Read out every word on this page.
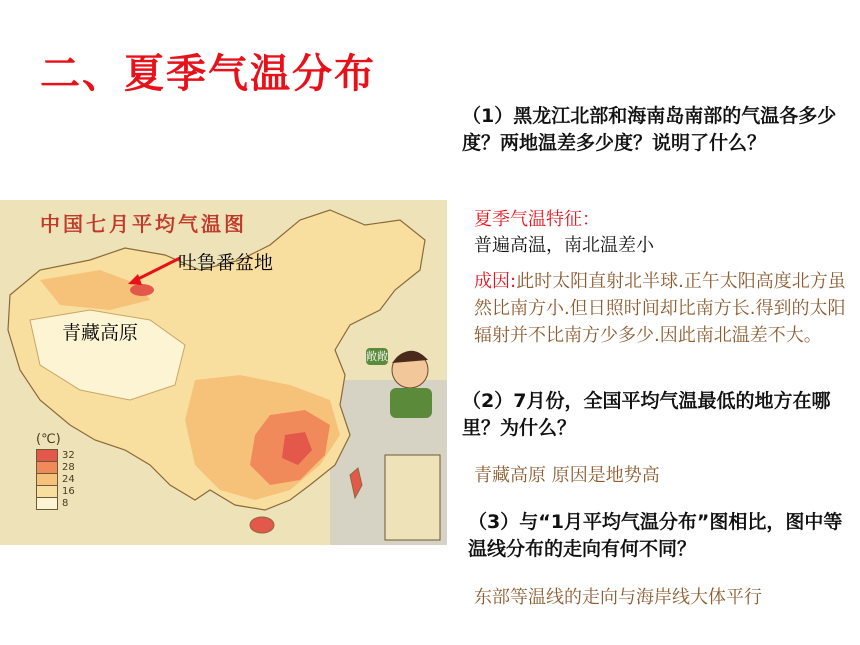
二、夏季气温分布
（1）黑龙江北部和海南岛南部的气温各多少度？两地温差多少度？说明了什么？
夏季气温特征：
普遍高温，南北温差小
成因:此时太阳直射北半球.正午太阳高度北方虽然比南方小.但日照时间却比南方长.得到的太阳辐射并不比南方少多少.因此南北温差不大。
（2）7月份，全国平均气温最低的地方在哪里？为什么？
青藏高原 原因是地势高
（3）与“1月平均气温分布”图相比，图中等温线分布的走向有何不同？
东部等温线的走向与海岸线大体平行
中国七月平均气温图
吐鲁番盆地
青藏高原
敞敞
(℃)
32
28
24
16
8
